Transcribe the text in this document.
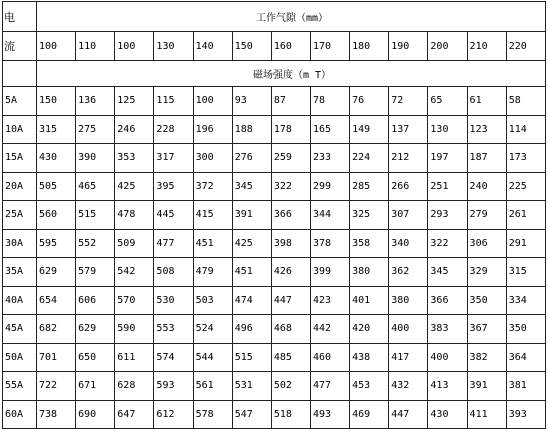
电	工作气隙（mm）												
流	100	110	100	130	140	150	160	170	180	190	200	210	220
	磁场强度（m T）												
5A	150	136	125	115	100	93	87	78	76	72	65	61	58
10A	315	275	246	228	196	188	178	165	149	137	130	123	114
15A	430	390	353	317	300	276	259	233	224	212	197	187	173
20A	505	465	425	395	372	345	322	299	285	266	251	240	225
25A	560	515	478	445	415	391	366	344	325	307	293	279	261
30A	595	552	509	477	451	425	398	378	358	340	322	306	291
35A	629	579	542	508	479	451	426	399	380	362	345	329	315
40A	654	606	570	530	503	474	447	423	401	380	366	350	334
45A	682	629	590	553	524	496	468	442	420	400	383	367	350
50A	701	650	611	574	544	515	485	460	438	417	400	382	364
55A	722	671	628	593	561	531	502	477	453	432	413	391	381
60A	738	690	647	612	578	547	518	493	469	447	430	411	393
